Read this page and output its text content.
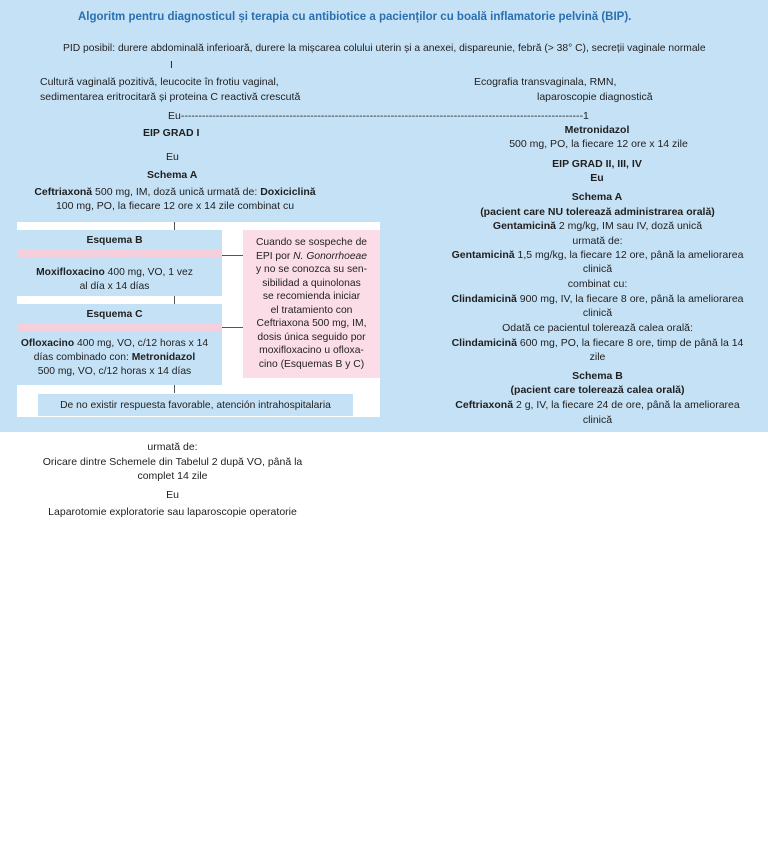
Algoritm pentru diagnosticul și terapia cu antibiotice a pacienților cu boală inflamatorie pelvină (BIP).
PID posibil: durere abdominală inferioară, durere la mișcarea colului uterin și a anexei, dispareunie, febră (> 38° C), secreții vaginale normale
I
Cultură vaginală pozitivă, leucocite în frotiu vaginal,
sedimentarea eritrocitară și proteina C reactivă crescută
Ecografia transvaginala, RMN,
laparoscopie diagnostică
Eu-------------------------------------------------------------------------------------------------------------------1
EIP GRAD I
Eu
Schema A
Ceftriaxonă 500 mg, IM, doză unică urmată de: Doxiciclină
100 mg, PO, la fiecare 12 ore x 14 zile combinat cu
Esquema B
Moxifloxacino 400 mg, VO, 1 vez
al día x 14 días
Esquema C
Ofloxacino 400 mg, VO, c/12 horas x 14
días combinado con: Metronidazol
500 mg, VO, c/12 horas x 14 días
Cuando se sospeche de
EPI por N. Gonorrhoeae
y no se conozca su sen-
sibilidad a quinolonas
se recomienda iniciar
el tratamiento con
Ceftriaxona 500 mg, IM,
dosis única seguido por
moxifloxacino u ofloxa-
cino (Esquemas B y C)
De no existir respuesta favorable, atención intrahospitalaria
Metronidazol
500 mg, PO, la fiecare 12 ore x 14 zile
EIP GRAD II, III, IV
Eu
Schema A
(pacient care NU tolerează administrarea orală)
Gentamicină 2 mg/kg, IM sau IV, doză unică
urmată de:
Gentamicină 1,5 mg/kg, la fiecare 12 ore, până la ameliorarea
clinică
combinat cu:
Clindamicină 900 mg, IV, la fiecare 8 ore, până la ameliorarea
clinică
Odată ce pacientul tolerează calea orală:
Clindamicină 600 mg, PO, la fiecare 8 ore, timp de până la 14
zile
Schema B
(pacient care tolerează calea orală)
Ceftriaxonă 2 g, IV, la fiecare 24 de ore, până la ameliorarea
clinică
urmată de:
Oricare dintre Schemele din Tabelul 2 după VO, până la
complet 14 zile
Eu
Laparotomie exploratorie sau laparoscopie operatorie
